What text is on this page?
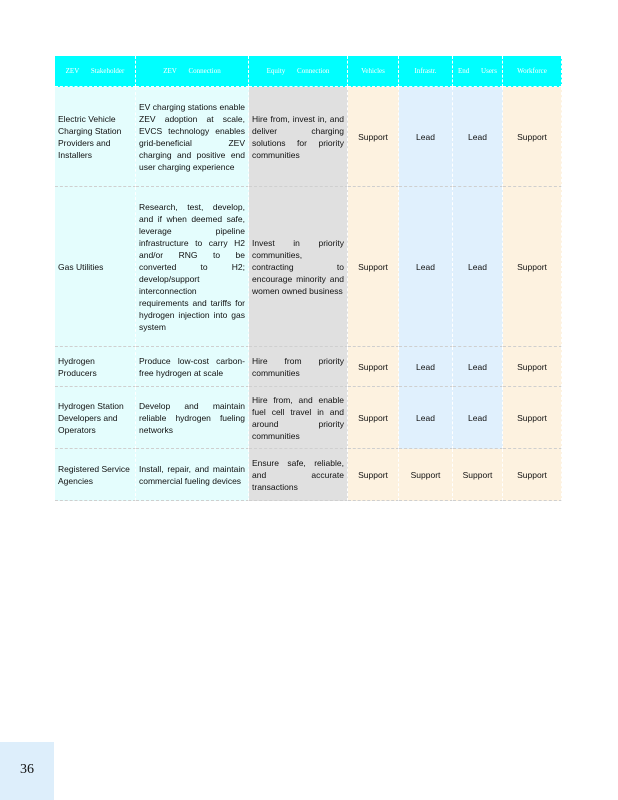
ZEV Stakeholder	ZEV Connection	Equity Connection	Vehicles	Infrastr.	End Users	Workforce
Electric Vehicle Charging Station Providers and Installers	EV charging stations enable ZEV adoption at scale, EVCS technology enables grid-beneficial ZEV charging and positive end user charging experience	Hire from, invest in, and deliver charging solutions for priority communities	Support	Lead	Lead	Support
Gas Utilities	Research, test, develop, and if when deemed safe, leverage pipeline infrastructure to carry H2 and/or RNG to be converted to H2; develop/support interconnection requirements and tariffs for hydrogen injection into gas system	Invest in priority communities, contracting to encourage minority and women owned business	Support	Lead	Lead	Support
Hydrogen Producers	Produce low-cost carbon-free hydrogen at scale	Hire from priority communities	Support	Lead	Lead	Support
Hydrogen Station Developers and Operators	Develop and maintain reliable hydrogen fueling networks	Hire from, and enable fuel cell travel in and around priority communities	Support	Lead	Lead	Support
Registered Service Agencies	Install, repair, and maintain commercial fueling devices	Ensure safe, reliable, and accurate transactions	Support	Support	Support	Support
36
